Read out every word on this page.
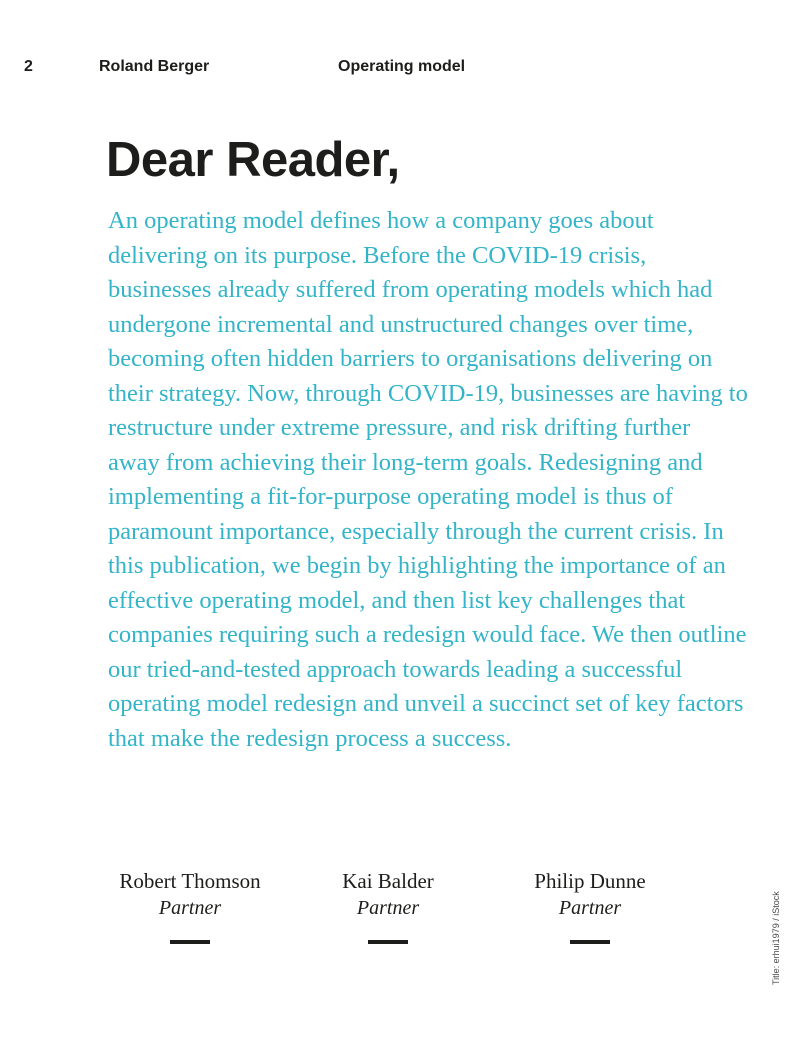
2	Roland Berger	Operating model
Dear Reader,

An operating model defines how a company goes about delivering on its purpose. Before the COVID-19 crisis, businesses already suffered from operating models which had undergone incremental and unstructured changes over time, becoming often hidden barriers to organisations delivering on their strategy. Now, through COVID-19, businesses are having to restructure under extreme pressure, and risk drifting further away from achieving their long-term goals. Redesigning and implementing a fit-for-purpose operating model is thus of paramount importance, especially through the current crisis. In this publication, we begin by highlighting the importance of an effective operating model, and then list key challenges that companies requiring such a redesign would face. We then outline our tried-and-tested approach towards leading a successful operating model redesign and unveil a succinct set of key factors that make the redesign process a success.

Robert Thomson
Partner
Kai Balder
Partner
Philip Dunne
Partner	Title: erhui1979 / iStock
